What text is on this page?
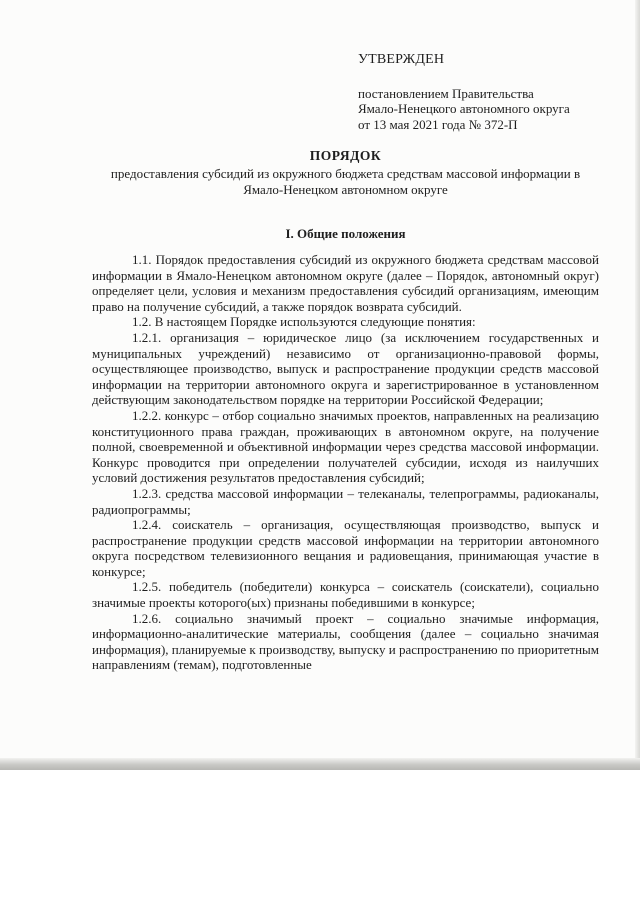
УТВЕРЖДЕН
постановлением Правительства
Ямало-Ненецкого автономного округа
от 13 мая 2021 года № 372-П
ПОРЯДОК
предоставления субсидий из окружного бюджета средствам массовой информации в Ямало-Ненецком автономном округе
I. Общие положения

1.1. Порядок предоставления субсидий из окружного бюджета средствам массовой информации в Ямало-Ненецком автономном округе (далее – Порядок, автономный округ) определяет цели, условия и механизм предоставления субсидий организациям, имеющим право на получение субсидий, а также порядок возврата субсидий.

1.2. В настоящем Порядке используются следующие понятия:

1.2.1. организация – юридическое лицо (за исключением государственных и муниципальных учреждений) независимо от организационно-правовой формы, осуществляющее производство, выпуск и распространение продукции средств массовой информации на территории автономного округа и зарегистрированное в установленном действующим законодательством порядке на территории Российской Федерации;

1.2.2. конкурс – отбор социально значимых проектов, направленных на реализацию конституционного права граждан, проживающих в автономном округе, на получение полной, своевременной и объективной информации через средства массовой информации. Конкурс проводится при определении получателей субсидии, исходя из наилучших условий достижения результатов предоставления субсидий;

1.2.3. средства массовой информации – телеканалы, телепрограммы, радиоканалы, радиопрограммы;

1.2.4. соискатель – организация, осуществляющая производство, выпуск и распространение продукции средств массовой информации на территории автономного округа посредством телевизионного вещания и радиовещания, принимающая участие в конкурсе;

1.2.5. победитель (победители) конкурса – соискатель (соискатели), социально значимые проекты которого(ых) признаны победившими в конкурсе;

1.2.6. социально значимый проект – социально значимые информация, информационно-аналитические материалы, сообщения (далее – социально значимая информация), планируемые к производству, выпуску и распространению по приоритетным направлениям (темам), подготовленные
